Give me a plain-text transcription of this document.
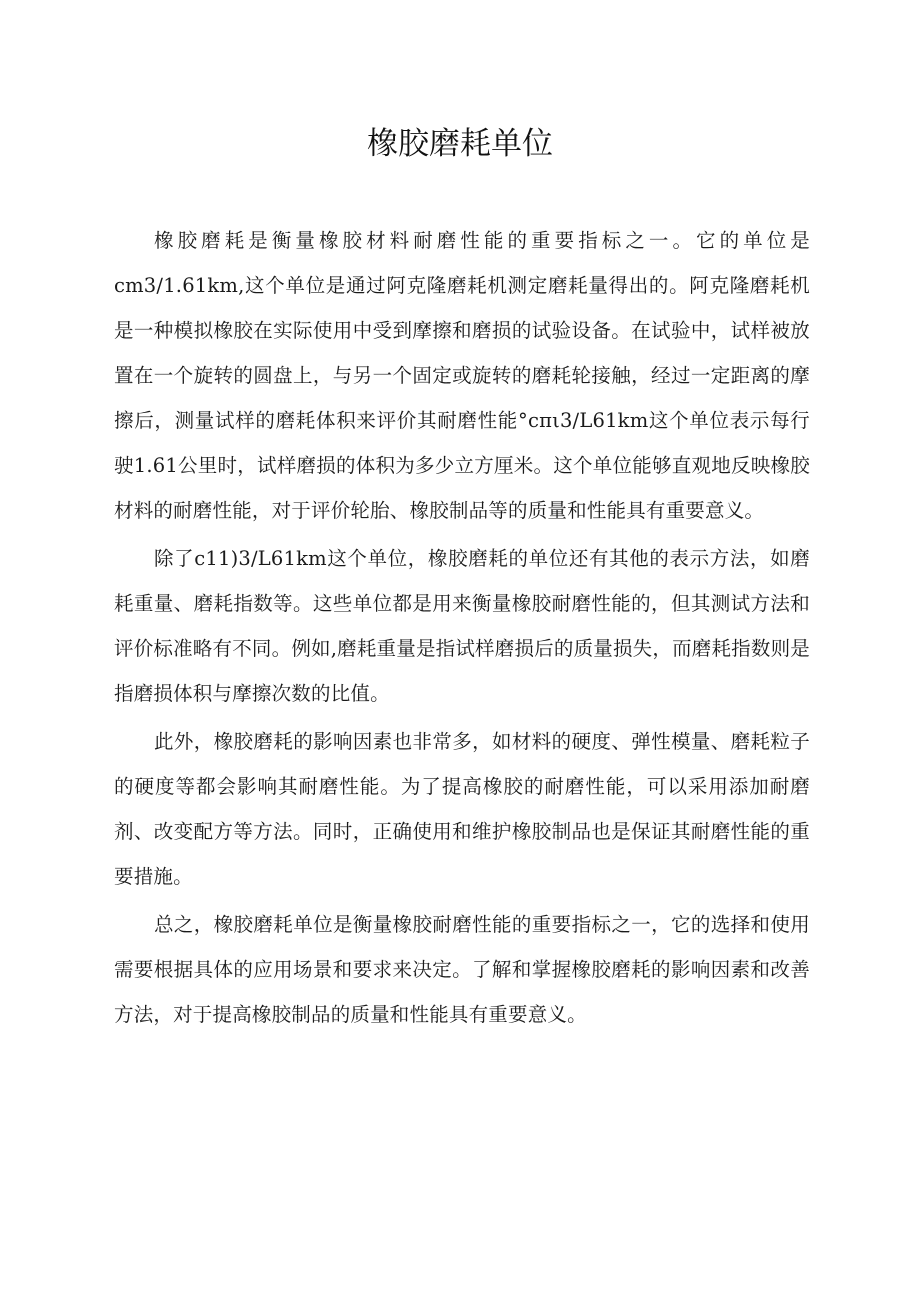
橡胶磨耗单位

橡胶磨耗是衡量橡胶材料耐磨性能的重要指标之一。它的单位是cm3∕1.61km,这个单位是通过阿克隆磨耗机测定磨耗量得出的。阿克隆磨耗机是一种模拟橡胶在实际使用中受到摩擦和磨损的试验设备。在试验中，试样被放置在一个旋转的圆盘上，与另一个固定或旋转的磨耗轮接触，经过一定距离的摩擦后，测量试样的磨耗体积来评价其耐磨性能°cπι3∕L61km这个单位表示每行驶1.61公里时，试样磨损的体积为多少立方厘米。这个单位能够直观地反映橡胶材料的耐磨性能，对于评价轮胎、橡胶制品等的质量和性能具有重要意义。

除了c11)3∕L61km这个单位，橡胶磨耗的单位还有其他的表示方法，如磨耗重量、磨耗指数等。这些单位都是用来衡量橡胶耐磨性能的，但其测试方法和评价标准略有不同。例如,磨耗重量是指试样磨损后的质量损失，而磨耗指数则是指磨损体积与摩擦次数的比值。

此外，橡胶磨耗的影响因素也非常多，如材料的硬度、弹性模量、磨耗粒子的硬度等都会影响其耐磨性能。为了提高橡胶的耐磨性能，可以采用添加耐磨剂、改变配方等方法。同时，正确使用和维护橡胶制品也是保证其耐磨性能的重要措施。

总之，橡胶磨耗单位是衡量橡胶耐磨性能的重要指标之一，它的选择和使用需要根据具体的应用场景和要求来决定。了解和掌握橡胶磨耗的影响因素和改善方法，对于提高橡胶制品的质量和性能具有重要意义。
